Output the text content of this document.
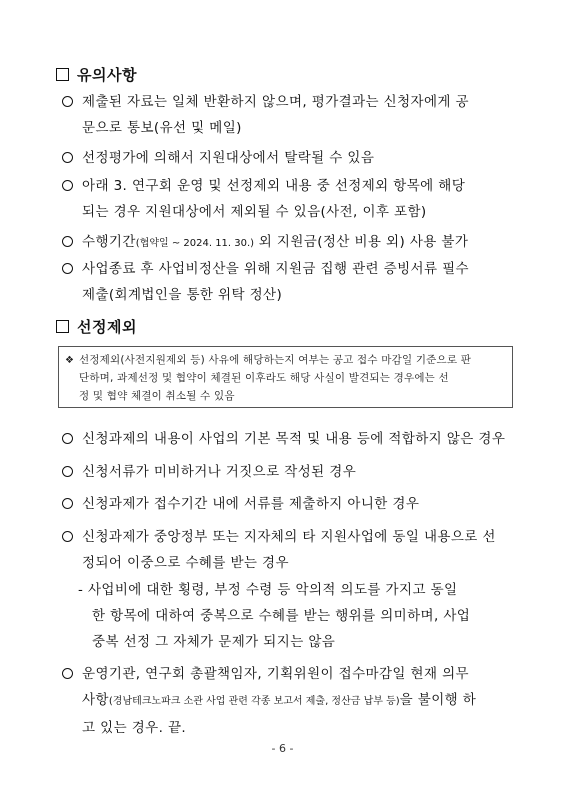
유의사항
제출된 자료는 일체 반환하지 않으며, 평가결과는 신청자에게 공
문으로 통보(유선 및 메일)
선정평가에 의해서 지원대상에서 탈락될 수 있음
아래 3. 연구회 운영 및 선정제외 내용 중 선정제외 항목에 해당
되는 경우 지원대상에서 제외될 수 있음(사전, 이후 포함)
수행기간(협약일 ~ 2024. 11. 30.) 외 지원금(정산 비용 외) 사용 불가
사업종료 후 사업비정산을 위해 지원금 집행 관련 증빙서류 필수
제출(회계법인을 통한 위탁 정산)
선정제외
❖ 선정제외(사전지원제외 등) 사유에 해당하는지 여부는 공고 접수 마감일 기준으로 판
단하며, 과제선정 및 협약이 체결된 이후라도 해당 사실이 발견되는 경우에는 선
정 및 협약 체결이 취소될 수 있음
신청과제의 내용이 사업의 기본 목적 및 내용 등에 적합하지 않은 경우
신청서류가 미비하거나 거짓으로 작성된 경우
신청과제가 접수기간 내에 서류를 제출하지 아니한 경우
신청과제가 중앙정부 또는 지자체의 타 지원사업에 동일 내용으로 선
정되어 이중으로 수혜를 받는 경우
- 사업비에 대한 횡령, 부정 수령 등 악의적 의도를 가지고 동일
한 항목에 대하여 중복으로 수혜를 받는 행위를 의미하며, 사업
중복 선정 그 자체가 문제가 되지는 않음
운영기관, 연구회 총괄책임자, 기획위원이 접수마감일 현재 의무
사항(경남테크노파크 소관 사업 관련 각종 보고서 제출, 정산금 납부 등)을 불이행 하
고 있는 경우. 끝.
- 6 -
